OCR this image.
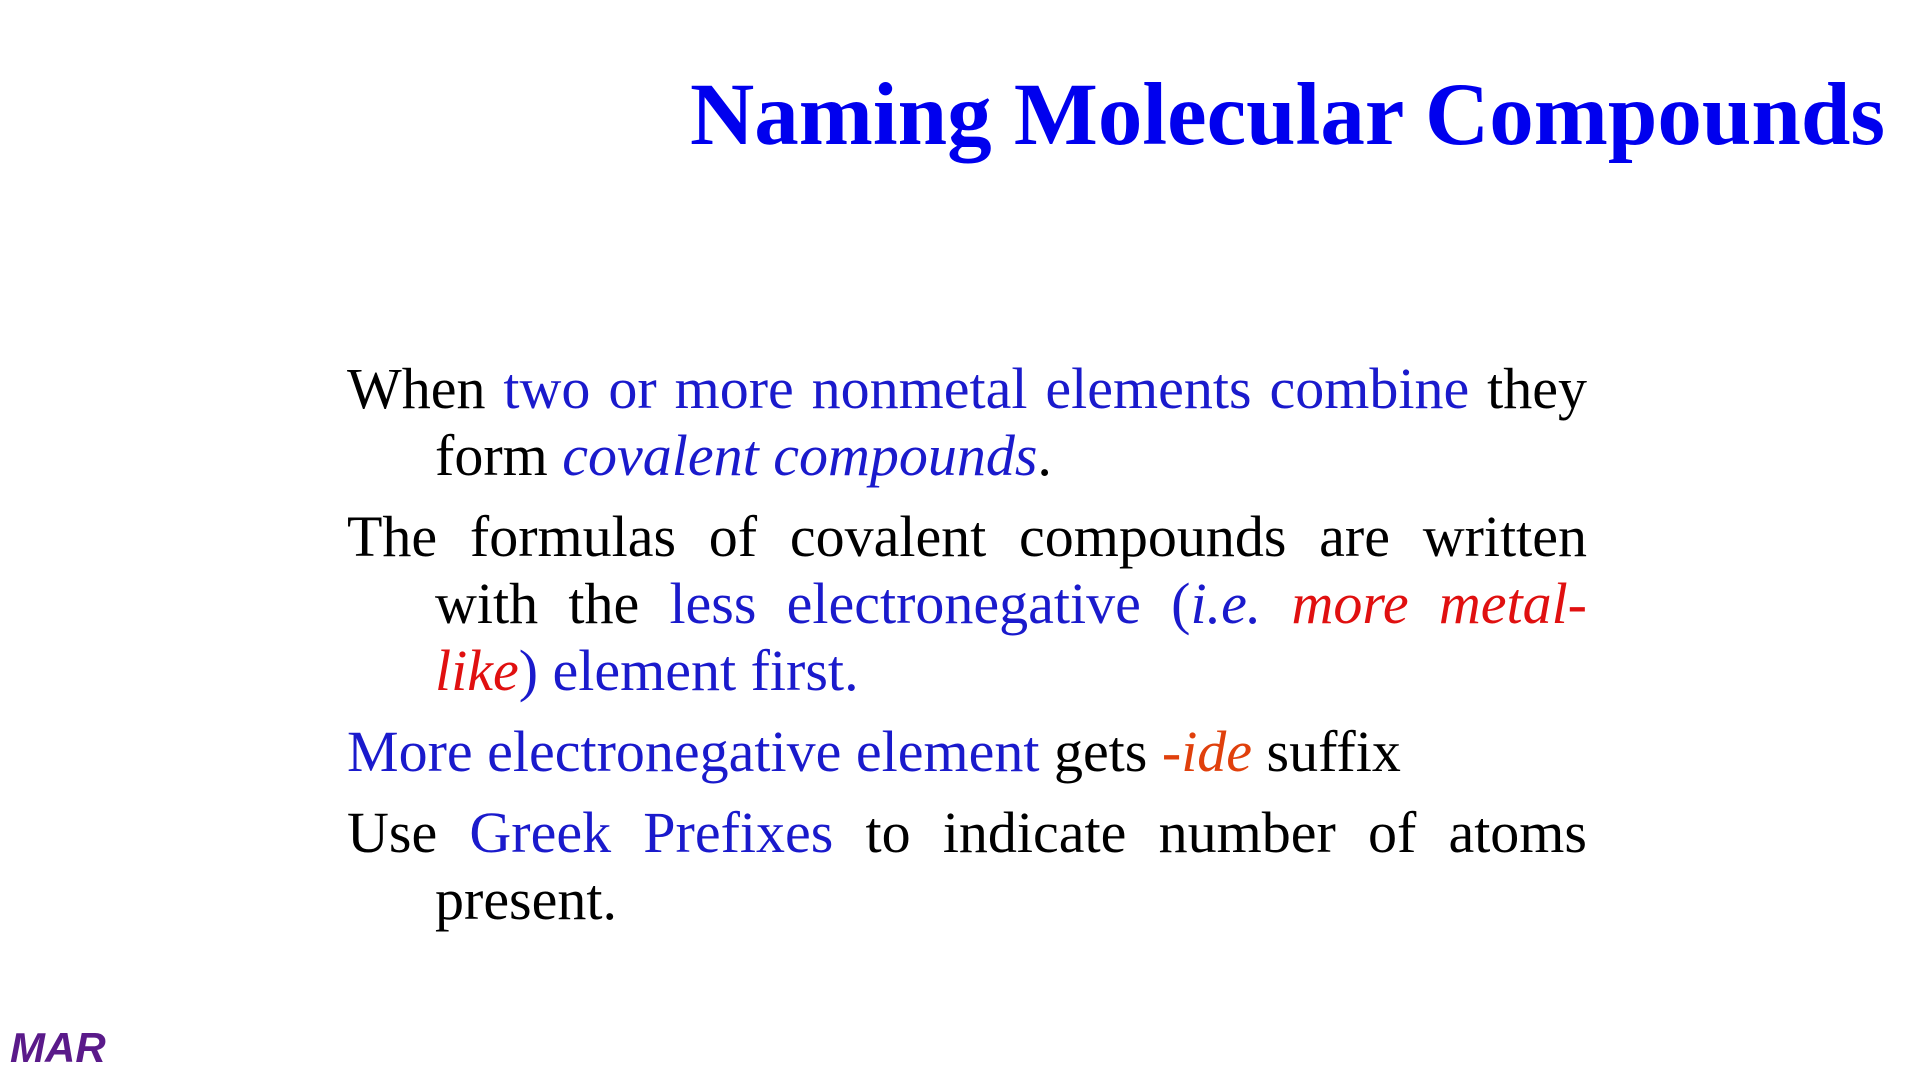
Naming Molecular Compounds

When two or more nonmetal elements combine they form covalent compounds.

The formulas of covalent compounds are written with the less electronegative (i.e. more metal-like) element first.

More electronegative element gets -ide suffix

Use Greek Prefixes to indicate number of atoms present.

MAR
